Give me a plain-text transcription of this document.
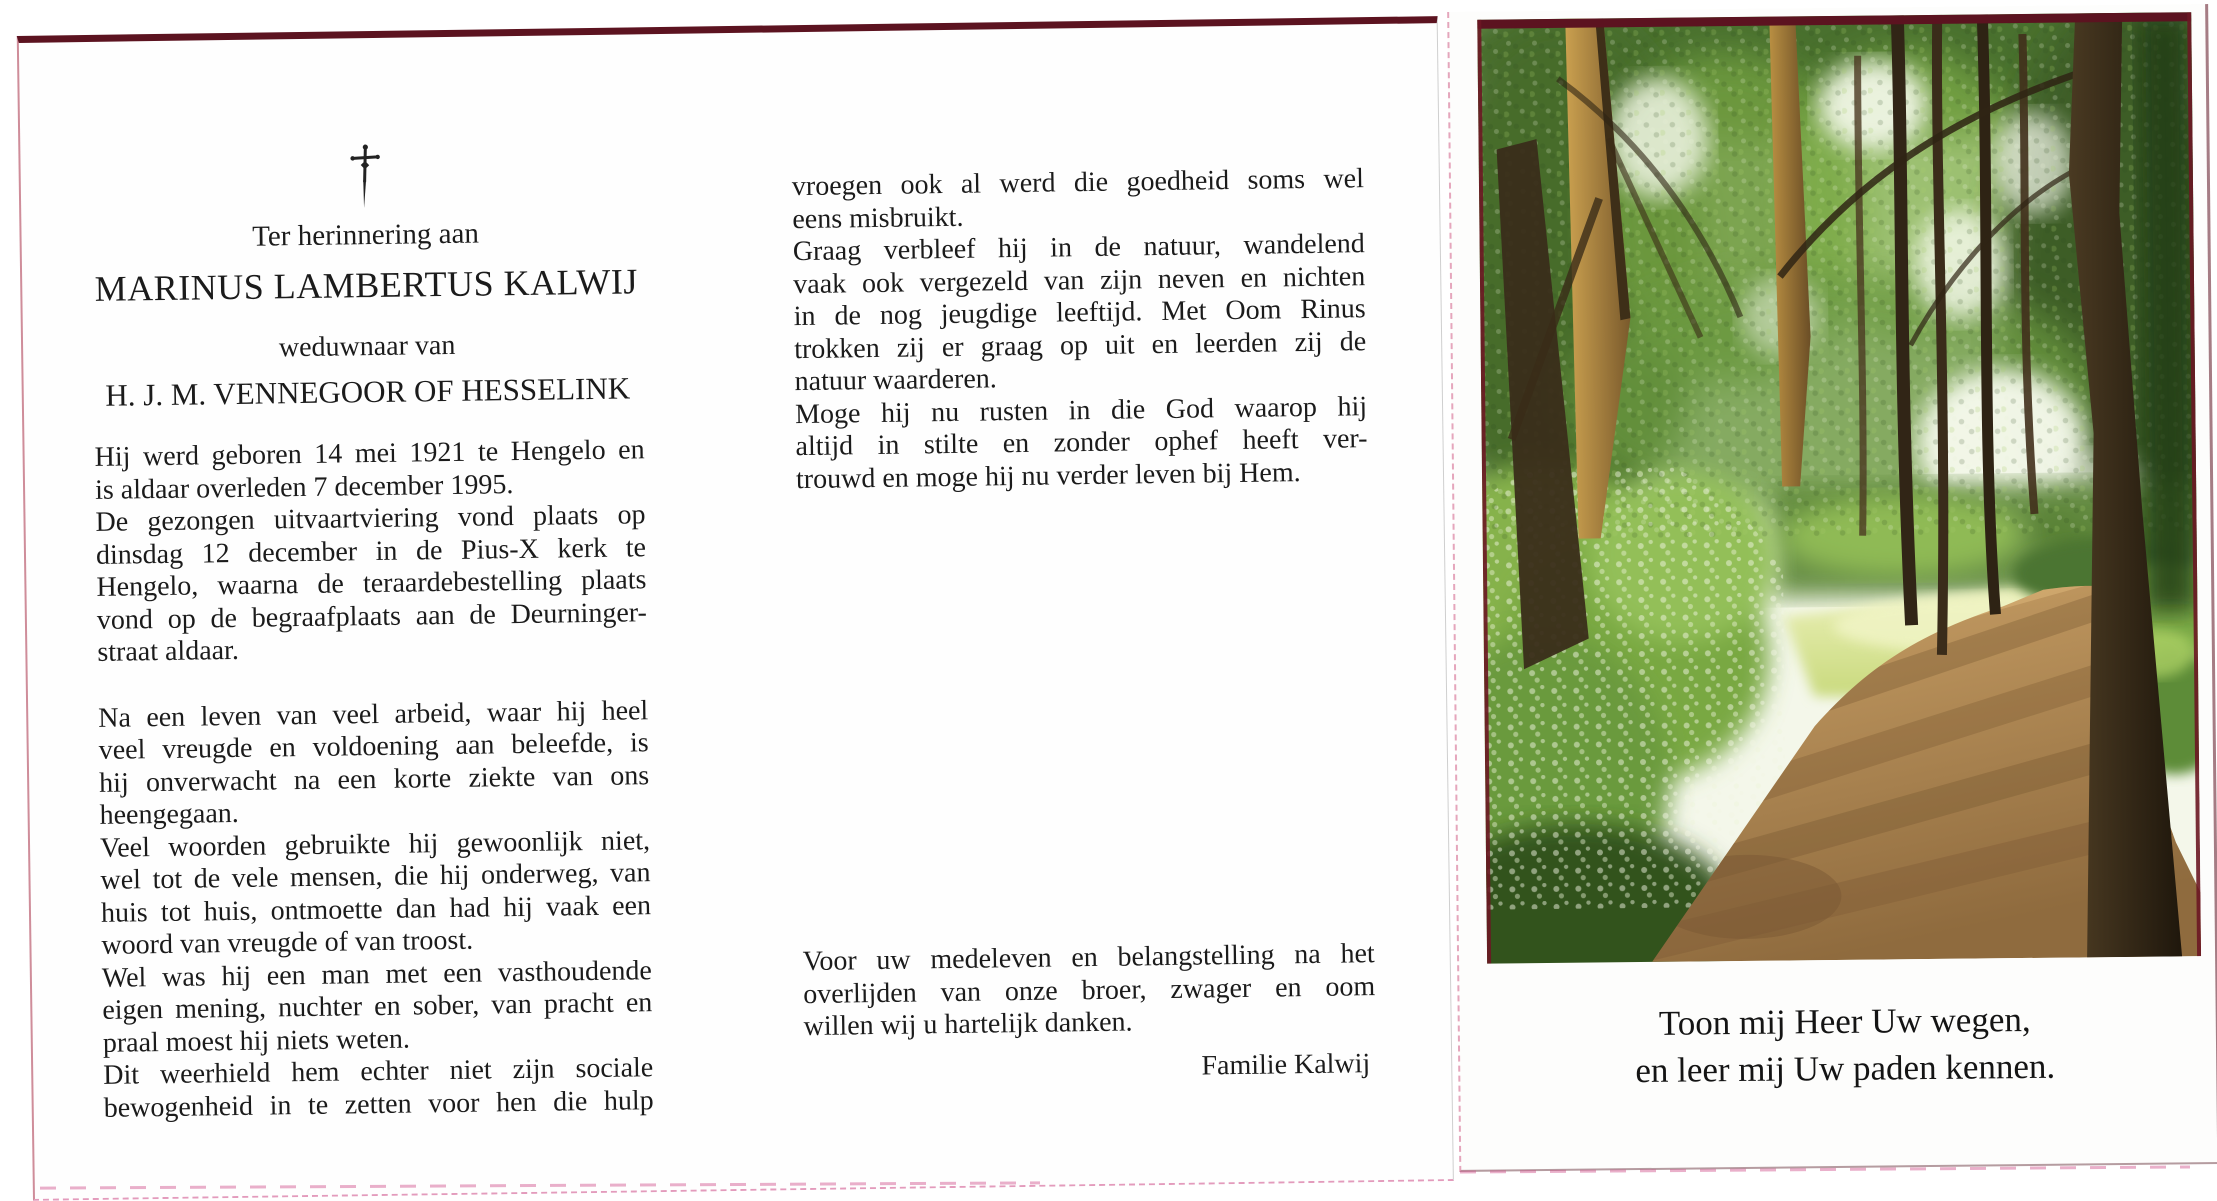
Ter herinnering aan
MARINUS LAMBERTUS KALWIJ
weduwnaar van
H. J. M. VENNEGOOR OF HESSELINK
Hij werd geboren 14 mei 1921 te Hengelo en
is aldaar overleden 7 december 1995.
De gezongen uitvaartviering vond plaats op
dinsdag 12 december in de Pius-X kerk te
Hengelo, waarna de teraardebestelling plaats
vond op de begraafplaats aan de Deurninger-
straat aldaar.
Na een leven van veel arbeid, waar hij heel
veel vreugde en voldoening aan beleefde, is
hij onverwacht na een korte ziekte van ons
heengegaan.
Veel woorden gebruikte hij gewoonlijk niet,
wel tot de vele mensen, die hij onderweg, van
huis tot huis, ontmoette dan had hij vaak een
woord van vreugde of van troost.
Wel was hij een man met een vasthoudende
eigen mening, nuchter en sober, van pracht en
praal moest hij niets weten.
Dit weerhield hem echter niet zijn sociale
bewogenheid in te zetten voor hen die hulp
vroegen ook al werd die goedheid soms wel
eens misbruikt.
Graag verbleef hij in de natuur, wandelend
vaak ook vergezeld van zijn neven en nichten
in de nog jeugdige leeftijd. Met Oom Rinus
trokken zij er graag op uit en leerden zij de
natuur waarderen.
Moge hij nu rusten in die God waarop hij
altijd in stilte en zonder ophef heeft ver-
trouwd en moge hij nu verder leven bij Hem.
Voor uw medeleven en belangstelling na het
overlijden van onze broer, zwager en oom
willen wij u hartelijk danken.
Familie Kalwij
Toon mij Heer Uw wegen,
en leer mij Uw paden kennen.
